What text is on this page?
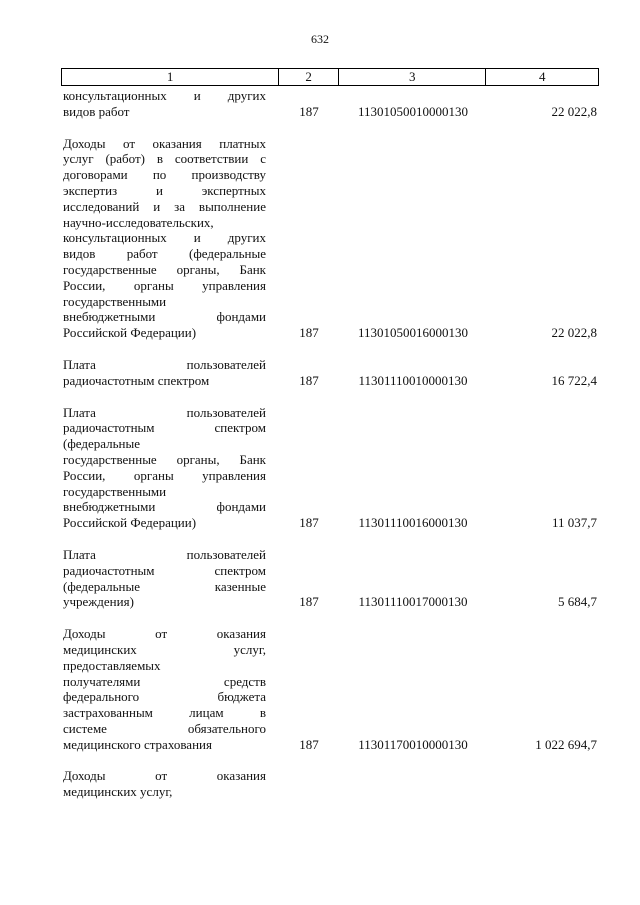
632
1	2	3	4
консультационных и других
видов работ	187	11301050010000130	22 022,8
Доходы от оказания платных
услуг (работ) в соответствии с
договорами по производству
экспертиз и экспертных
исследований и за выполнение
научно-исследовательских,
консультационных и других
видов работ (федеральные
государственные органы, Банк
России, органы управления
государственными
внебюджетными фондами
Российской Федерации)	187	11301050016000130	22 022,8
Плата пользователей
радиочастотным спектром	187	11301110010000130	16 722,4
Плата пользователей
радиочастотным спектром
(федеральные
государственные органы, Банк
России, органы управления
государственными
внебюджетными фондами
Российской Федерации)	187	11301110016000130	11 037,7
Плата пользователей
радиочастотным спектром
(федеральные казенные
учреждения)	187	11301110017000130	5 684,7
Доходы от оказания
медицинских услуг,
предоставляемых
получателями средств
федерального бюджета
застрахованным лицам в
системе обязательного
медицинского страхования	187	11301170010000130	1 022 694,7
Доходы от оказания
медицинских услуг,
